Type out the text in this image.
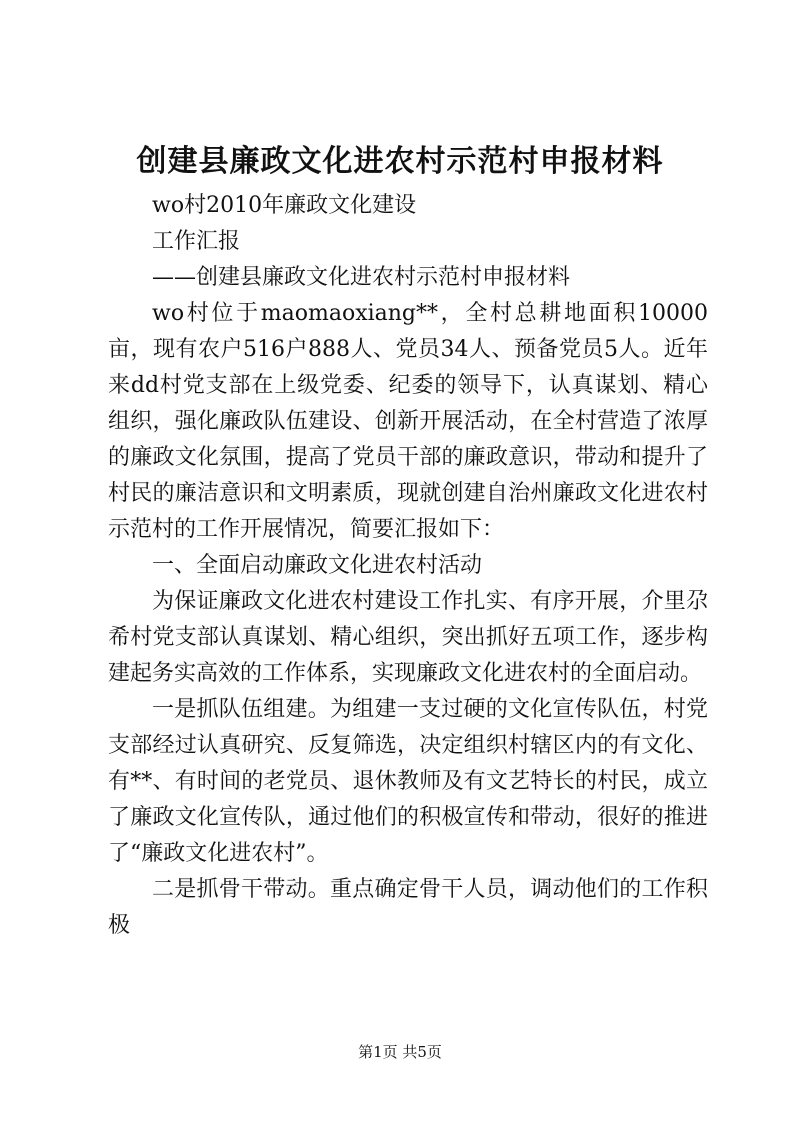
创建县廉政文化进农村示范村申报材料

wo村2010年廉政文化建设

工作汇报

——创建县廉政文化进农村示范村申报材料

wo村位于maomaoxiang**，全村总耕地面积10000亩，现有农户516户888人、党员34人、预备党员5人。近年来dd村党支部在上级党委、纪委的领导下，认真谋划、精心组织，强化廉政队伍建设、创新开展活动，在全村营造了浓厚的廉政文化氛围，提高了党员干部的廉政意识，带动和提升了村民的廉洁意识和文明素质，现就创建自治州廉政文化进农村示范村的工作开展情况，简要汇报如下：

一、全面启动廉政文化进农村活动

为保证廉政文化进农村建设工作扎实、有序开展，介里尕希村党支部认真谋划、精心组织，突出抓好五项工作，逐步构建起务实高效的工作体系，实现廉政文化进农村的全面启动。

一是抓队伍组建。为组建一支过硬的文化宣传队伍，村党支部经过认真研究、反复筛选，决定组织村辖区内的有文化、有**、有时间的老党员、退休教师及有文艺特长的村民，成立了廉政文化宣传队，通过他们的积极宣传和带动，很好的推进了“廉政文化进农村”。

二是抓骨干带动。重点确定骨干人员，调动他们的工作积极

第1页 共5页
